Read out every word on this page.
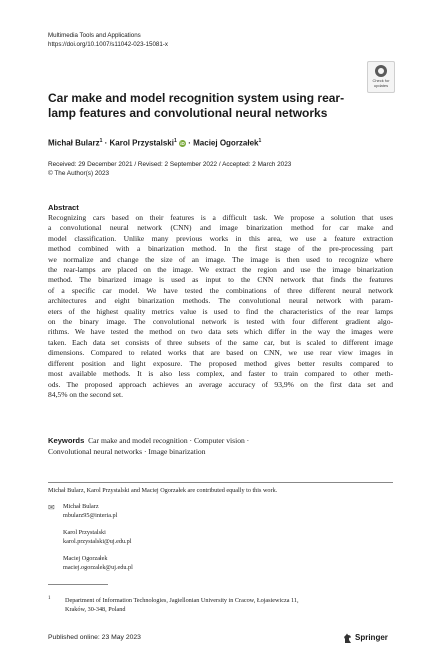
Multimedia Tools and Applications
https://doi.org/10.1007/s11042-023-15081-x
Check for updates
Car make and model recognition system using rear-lamp features and convolutional neural networks
Michał Bularz$^1$ · Karol Przystalski$^1$ iD · Maciej Ogorzałek$^1$
Received: 29 December 2021 / Revised: 2 September 2022 / Accepted: 2 March 2023
© The Author(s) 2023
Abstract
Recognizing cars based on their features is a difficult task. We propose a solution that uses
a convolutional neural network (CNN) and image binarization method for car make and
model classification. Unlike many previous works in this area, we use a feature extraction
method combined with a binarization method. In the first stage of the pre-processing part
we normalize and change the size of an image. The image is then used to recognize where
the rear-lamps are placed on the image. We extract the region and use the image binarization
method. The binarized image is used as input to the CNN network that finds the features
of a specific car model. We have tested the combinations of three different neural network
architectures and eight binarization methods. The convolutional neural network with param-
eters of the highest quality metrics value is used to find the characteristics of the rear lamps
on the binary image. The convolutional network is tested with four different gradient algo-
rithms. We have tested the method on two data sets which differ in the way the images were
taken. Each data set consists of three subsets of the same car, but is scaled to different image
dimensions. Compared to related works that are based on CNN, we use rear view images in
different position and light exposure. The proposed method gives better results compared to
most available methods. It is also less complex, and faster to train compared to other meth-
ods. The proposed approach achieves an average accuracy of 93,9% on the first data set and
84,5% on the second set.
Keywords Car make and model recognition · Computer vision ·
Convolutional neural networks · Image binarization
Michał Bularz, Karol Przystalski and Maciej Ogorzałek are contributed equally to this work.
✉ Michał Bularz
mbularz95@interia.pl
Karol Przystalski
karol.przystalski@uj.edu.pl
Maciej Ogorzałek
maciej.ogorzalek@uj.edu.pl
1 Department of Information Technologies, Jagiellonian University in Cracow, Łojasiewicza 11,
Kraków, 30-348, Poland
Published online: 23 May 2023	Springer
